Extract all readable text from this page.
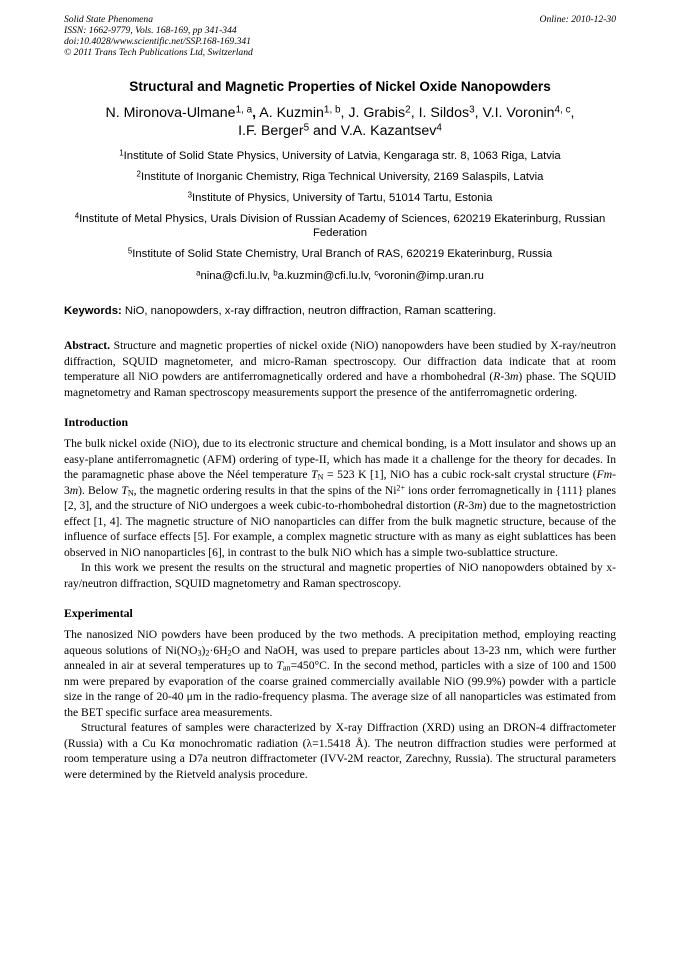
Solid State Phenomena
ISSN: 1662-9779, Vols. 168-169, pp 341-344
doi:10.4028/www.scientific.net/SSP.168-169.341
© 2011 Trans Tech Publications Ltd, Switzerland
Online: 2010-12-30
Structural and Magnetic Properties of Nickel Oxide Nanopowders
N. Mironova-Ulmane$^{1, a}$, A. Kuzmin$^{1, b}$, J. Grabis$^2$, I. Sildos$^3$, V.I. Voronin$^{4, c}$,
I.F. Berger$^5$ and V.A. Kazantsev$^4$
$^1$Institute of Solid State Physics, University of Latvia, Kengaraga str. 8, 1063 Riga, Latvia
$^2$Institute of Inorganic Chemistry, Riga Technical University, 2169 Salaspils, Latvia
$^3$Institute of Physics, University of Tartu, 51014 Tartu, Estonia
$^4$Institute of Metal Physics, Urals Division of Russian Academy of Sciences, 620219 Ekaterinburg, Russian Federation
$^5$Institute of Solid State Chemistry, Ural Branch of RAS, 620219 Ekaterinburg, Russia
$^a$nina@cfi.lu.lv, $^b$a.kuzmin@cfi.lu.lv, $^c$voronin@imp.uran.ru
Keywords: NiO, nanopowders, x-ray diffraction, neutron diffraction, Raman scattering.
Abstract. Structure and magnetic properties of nickel oxide (NiO) nanopowders have been studied by X-ray/neutron diffraction, SQUID magnetometer, and micro-Raman spectroscopy. Our diffraction data indicate that at room temperature all NiO powders are antiferromagnetically ordered and have a rhombohedral (R-3m) phase. The SQUID magnetometry and Raman spectroscopy measurements support the presence of the antiferromagnetic ordering.
Introduction

The bulk nickel oxide (NiO), due to its electronic structure and chemical bonding, is a Mott insulator and shows up an easy-plane antiferromagnetic (AFM) ordering of type-II, which has made it a challenge for the theory for decades. In the paramagnetic phase above the Néel temperature $T_N = 523$ K [1], NiO has a cubic rock-salt crystal structure (Fm-3m). Below $T_N$, the magnetic ordering results in that the spins of the $Ni^{2+}$ ions order ferromagnetically in {111} planes [2, 3], and the structure of NiO undergoes a week cubic-to-rhombohedral distortion (R-3m) due to the magnetostriction effect [1, 4]. The magnetic structure of NiO nanoparticles can differ from the bulk magnetic structure, because of the influence of surface effects [5]. For example, a complex magnetic structure with as many as eight sublattices has been observed in NiO nanoparticles [6], in contrast to the bulk NiO which has a simple two-sublattice structure.

In this work we present the results on the structural and magnetic properties of NiO nanopowders obtained by x-ray/neutron diffraction, SQUID magnetometry and Raman spectroscopy.

Experimental

The nanosized NiO powders have been produced by the two methods. A precipitation method, employing reacting aqueous solutions of $Ni(NO_3)_2\cdot 6H_2O$ and NaOH, was used to prepare particles about 13-23 nm, which were further annealed in air at several temperatures up to $T_{an}=450^\circ C$. In the second method, particles with a size of 100 and 1500 nm were prepared by evaporation of the coarse grained commercially available NiO (99.9%) powder with a particle size in the range of 20-40 μm in the radio-frequency plasma. The average size of all nanoparticles was estimated from the BET specific surface area measurements.

Structural features of samples were characterized by X-ray Diffraction (XRD) using an DRON-4 diffractometer (Russia) with a Cu Kα monochromatic radiation (λ=1.5418 Å). The neutron diffraction studies were performed at room temperature using a D7a neutron diffractometer (IVV-2M reactor, Zarechny, Russia). The structural parameters were determined by the Rietveld analysis procedure.
